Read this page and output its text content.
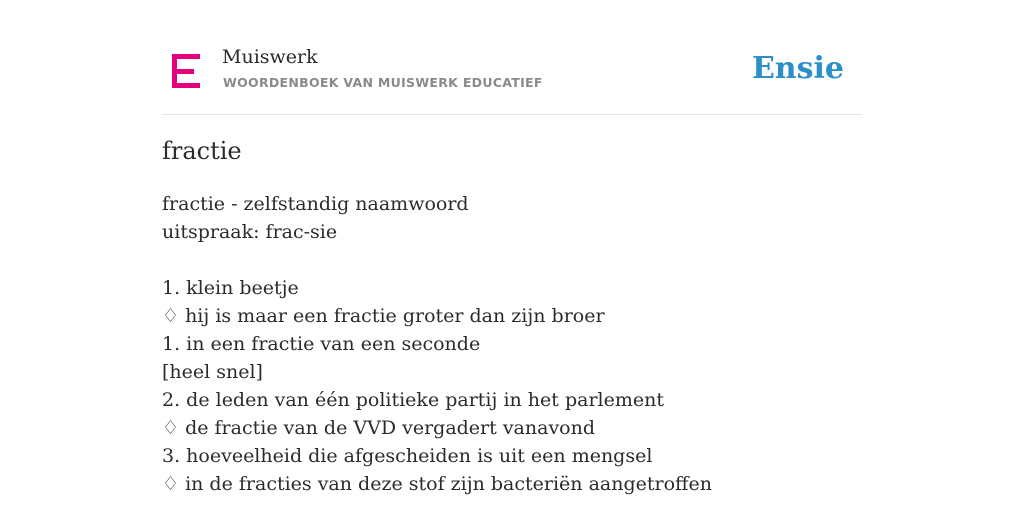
Muiswerk
WOORDENBOEK VAN MUISWERK EDUCATIEF	Ensie
fractie
fractie - zelfstandig naamwoord
uitspraak: frac-sie
1. klein beetje
♢ hij is maar een fractie groter dan zijn broer
1. in een fractie van een seconde
[heel snel]
2. de leden van één politieke partij in het parlement
♢ de fractie van de VVD vergadert vanavond
3. hoeveelheid die afgescheiden is uit een mengsel
♢ in de fracties van deze stof zijn bacteriën aangetroffen
